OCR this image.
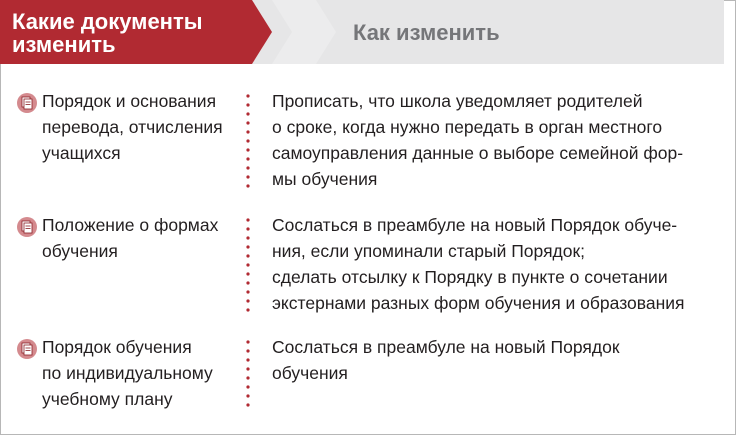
Какие документы
изменить	Как изменить
Порядок и основания
перевода, отчисления
учащихся
Прописать, что школа уведомляет родителей
о сроке, когда нужно передать в орган местного
самоуправления данные о выборе семейной фор-
мы обучения
Положение о формах
обучения
Сослаться в преамбуле на новый Порядок обуче-
ния, если упоминали старый Порядок;
сделать отсылку к Порядку в пункте о сочетании
экстернами разных форм обучения и образования
Порядок обучения
по индивидуальному
учебному плану
Сослаться в преамбуле на новый Порядок
обучения
